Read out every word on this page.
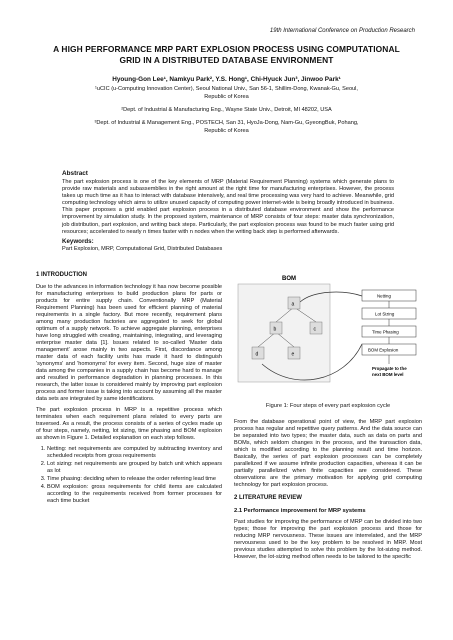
19th International Conference on Production Research
A HIGH PERFORMANCE MRP PART EXPLOSION PROCESS USING COMPUTATIONAL
GRID IN A DISTRIBUTED DATABASE ENVIRONMENT
Hyoung-Gon Lee¹, Namkyu Park², Y.S. Hong¹, Chi-Hyuck Jun³, Jinwoo Park¹
¹uCIC (u-Computing Innovation Center), Seoul National Univ., San 56-1, Shillim-Dong, Kwanak-Gu, Seoul,
Republic of Korea
²Dept. of Industrial & Manufacturing Eng., Wayne State Univ., Detroit, MI 48202, USA
³Dept. of Industrial & Management Eng., POSTECH, San 31, HyoJa-Dong, Nam-Gu, GyeongBuk, Pohang,
Republic of Korea
Abstract
The part explosion process is one of the key elements of MRP (Material Requirement Planning) systems which generate plans to provide raw materials and subassemblies in the right amount at the right time for manufacturing enterprises. However, the process takes up much time as it has to interact with database intensively, and real time processing was very hard to achieve. Meanwhile, grid computing technology which aims to utilize unused capacity of computing power internet-wide is being broadly introduced in business. This paper proposes a grid enabled part explosion process in a distributed database environment and show the performance improvement by simulation study. In the proposed system, maintenance of MRP consists of four steps: master data synchronization, job distribution, part explosion, and writing back steps. Particularly, the part explosion process was found to be much faster using grid resources; accelerated to nearly n times faster with n nodes when the writing back step is performed afterwards.
Keywords:
Part Explosion, MRP, Computational Grid, Distributed Databases
1 INTRODUCTION

Due to the advances in information technology it has now become possible for manufacturing enterprises to build production plans for parts or products for entire supply chain. Conventionally MRP (Material Requirement Planning) has been used for efficient planning of material requirements in a single factory. But more recently, requirement plans among many production factories are aggregated to seek for global optimum of a supply network. To achieve aggregate planning, enterprises have long struggled with creating, maintaining, integrating, and leveraging enterprise master data [1]. Issues related to so-called 'Master data management' arose mainly in two aspects. First, discordance among master data of each facility units has made it hard to distinguish 'synonyms' and 'homonyms' for every item. Second, huge size of master data among the companies in a supply chain has become hard to manage and resulted in performance degradation in planning processes. In this research, the latter issue is considered mainly by improving part explosion process and former issue is taking into account by assuming all the master data sets are integrated by same identifications.

The part explosion process in MRP is a repetitive process which terminates when each requirement plans related to every parts are traversed. As a result, the process consists of a series of cycles made up of four steps, namely, netting, lot sizing, time phasing and BOM explosion as shown in Figure 1. Detailed explanation on each step follows.

1. Netting: net requirements are computed by subtracting inventory and scheduled receipts from gross requirements
2. Lot sizing: net requirements are grouped by batch unit which appears as lot
3. Time phasing: deciding when to release the order referring lead time
4. BOM explosion: gross requirements for child items are calculated according to the requirements received from former processes for each time bucket
BOM
a
b	c
d	e
Netting
Lot Sizing
Time Phasing
BOM Explosion
Propagate to the
next BOM level
Figure 1: Four steps of every part explosion cycle

From the database operational point of view, the MRP part explosion process has regular and repetitive query patterns. And the data source can be separated into two types; the master data, such as data on parts and BOMs, which seldom changes in the process, and the transaction data, which is modified according to the planning result and time horizon. Basically, the series of part explosion processes can be completely parallelized if we assume infinite production capacities, whereas it can be partially parallelized when finite capacities are considered. These observations are the primary motivation for applying grid computing technology for part explosion process.

2 LITERATURE REVIEW
2.1 Performance improvement for MRP systems

Past studies for improving the performance of MRP can be divided into two types; those for improving the part explosion process and those for reducing MRP nervousness. These issues are interrelated, and the MRP nervousness used to be the key problem to be resolved in MRP. Most previous studies attempted to solve this problem by the lot-sizing method. However, the lot-sizing method often needs to be tailored to the specific
